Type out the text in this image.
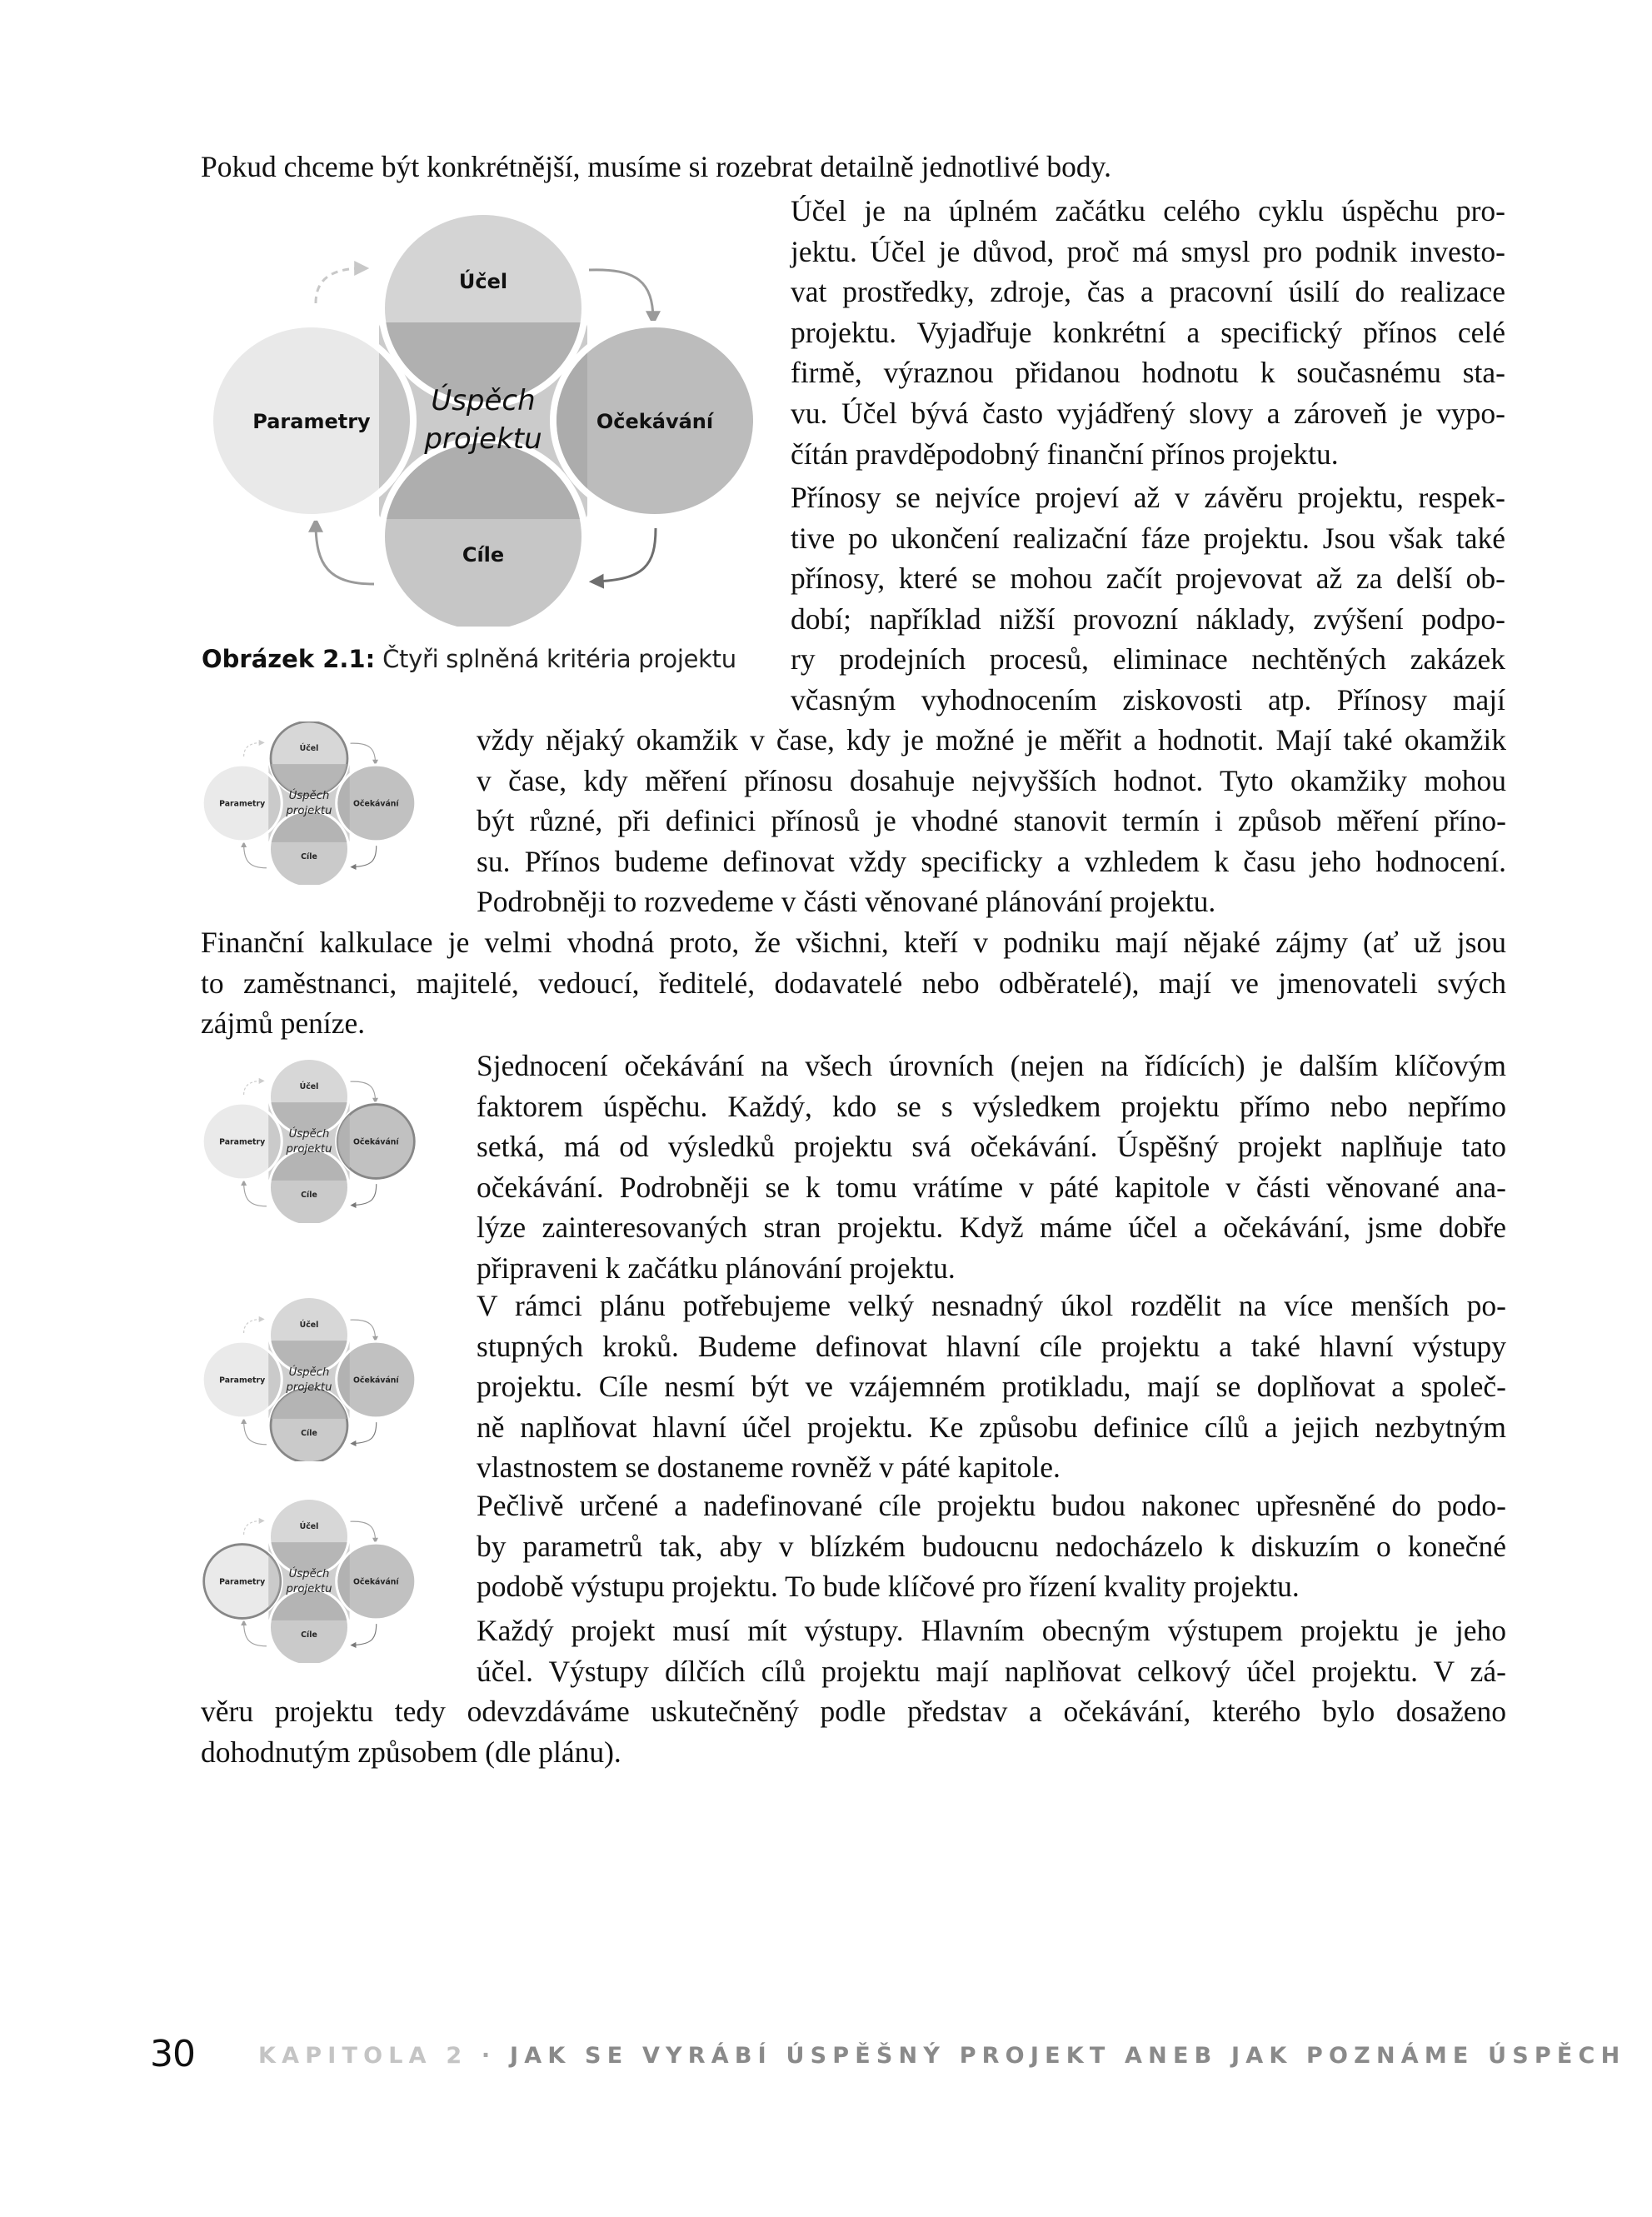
Pokud chceme být konkrétnější, musíme si rozebrat detailně jednotlivé body.
Účel
Očekávání
Cíle
Parametry
Úspěch
projektu
Obrázek 2.1: Čtyři splněná kritéria projektu
Účel je na úplném začátku celého cyklu úspěchu pro-
jektu. Účel je důvod, proč má smysl pro podnik investo-
vat prostředky, zdroje, čas a pracovní úsilí do realizace
projektu. Vyjadřuje konkrétní a specifický přínos celé
firmě, výraznou přidanou hodnotu k současnému sta-
vu. Účel bývá často vyjádřený slovy a zároveň je vypo-
čítán pravděpodobný finanční přínos projektu.
Přínosy se nejvíce projeví až v závěru projektu, respek-
tive po ukončení realizační fáze projektu. Jsou však také
přínosy, které se mohou začít projevovat až za delší ob-
dobí; například nižší provozní náklady, zvýšení podpo-
ry prodejních procesů, eliminace nechtěných zakázek
včasným vyhodnocením ziskovosti atp. Přínosy mají
Účel
Očekávání
Cíle
Parametry
Úspěch
projektu
vždy nějaký okamžik v čase, kdy je možné je měřit a hodnotit. Mají také okamžik
v čase, kdy měření přínosu dosahuje nejvyšších hodnot. Tyto okamžiky mohou
být různé, při definici přínosů je vhodné stanovit termín i způsob měření příno-
su. Přínos budeme definovat vždy specificky a vzhledem k času jeho hodnocení.
Podrobněji to rozvedeme v části věnované plánování projektu.
Finanční kalkulace je velmi vhodná proto, že všichni, kteří v podniku mají nějaké zájmy (ať už jsou
to zaměstnanci, majitelé, vedoucí, ředitelé, dodavatelé nebo odběratelé), mají ve jmenovateli svých
zájmů peníze.
Účel
Očekávání
Cíle
Parametry
Úspěch
projektu
Sjednocení očekávání na všech úrovních (nejen na řídících) je dalším klíčovým
faktorem úspěchu. Každý, kdo se s výsledkem projektu přímo nebo nepřímo
setká, má od výsledků projektu svá očekávání. Úspěšný projekt naplňuje tato
očekávání. Podrobněji se k tomu vrátíme v páté kapitole v části věnované ana-
lýze zainteresovaných stran projektu. Když máme účel a očekávání, jsme dobře
připraveni k začátku plánování projektu.
Účel
Očekávání
Cíle
Parametry
Úspěch
projektu
V rámci plánu potřebujeme velký nesnadný úkol rozdělit na více menších po-
stupných kroků. Budeme definovat hlavní cíle projektu a také hlavní výstupy
projektu. Cíle nesmí být ve vzájemném protikladu, mají se doplňovat a společ-
ně naplňovat hlavní účel projektu. Ke způsobu definice cílů a jejich nezbytným
vlastnostem se dostaneme rovněž v páté kapitole.
Účel
Očekávání
Cíle
Parametry
Úspěch
projektu
Pečlivě určené a nadefinované cíle projektu budou nakonec upřesněné do podo-
by parametrů tak, aby v blízkém budoucnu nedocházelo k diskuzím o konečné
podobě výstupu projektu. To bude klíčové pro řízení kvality projektu.
Každý projekt musí mít výstupy. Hlavním obecným výstupem projektu je jeho
účel. Výstupy dílčích cílů projektu mají naplňovat celkový účel projektu. V zá-
věru projektu tedy odevzdáváme uskutečněný podle představ a očekávání, kterého bylo dosaženo
dohodnutým způsobem (dle plánu).
30	KAPITOLA 2 · JAK SE VYRÁBÍ ÚSPĚŠNÝ PROJEKT ANEB JAK POZNÁME ÚSPĚCH
